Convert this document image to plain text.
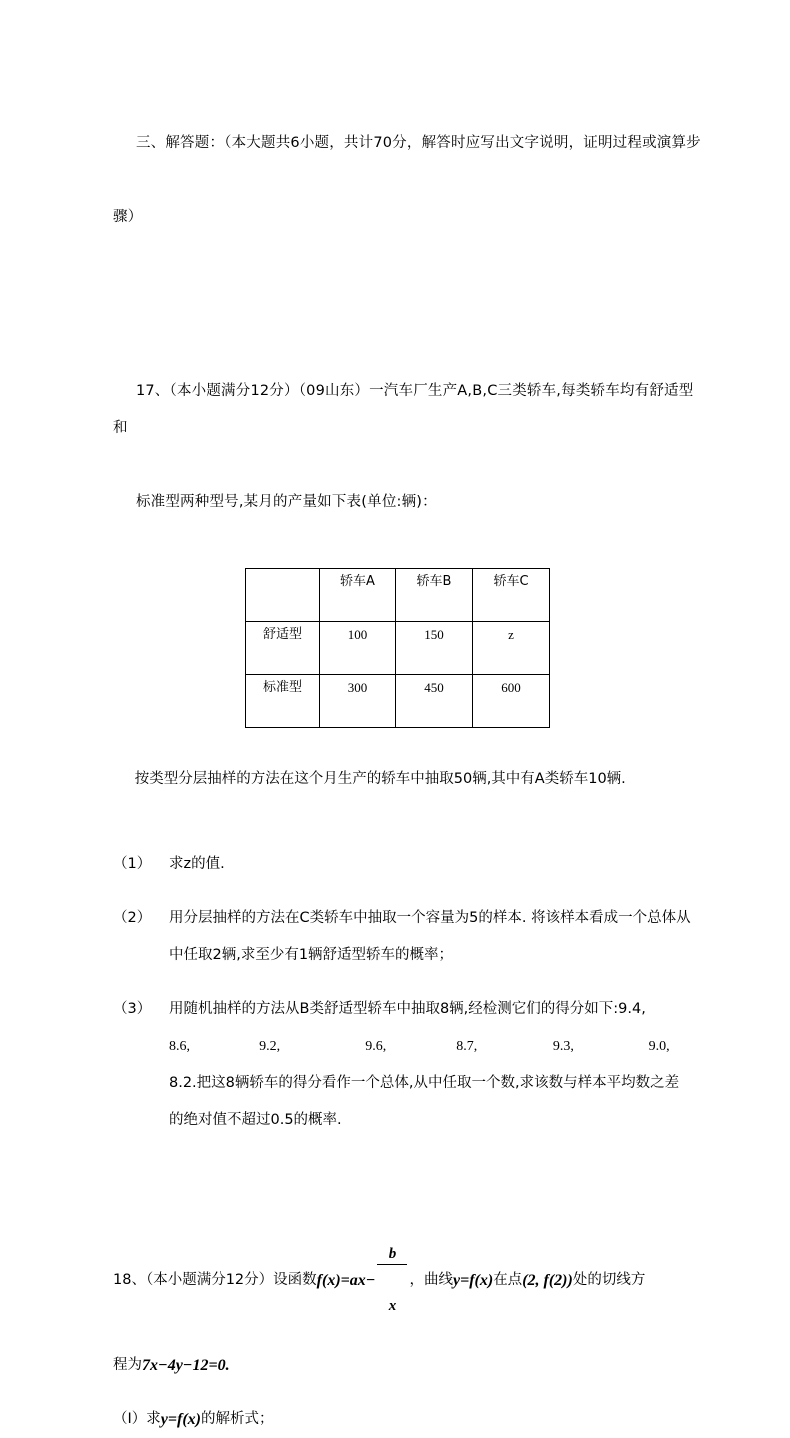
三、解答题：（本大题共6小题，共计70分，解答时应写出文字说明，证明过程或演算步

骤）

17、（本小题满分12分）（09山东）一汽车厂生产A,B,C三类轿车,每类轿车均有舒适型和

标准型两种型号,某月的产量如下表(单位:辆)：

	轿车A	轿车B	轿车C
舒适型	100	150	z
标准型	300	450	600

按类型分层抽样的方法在这个月生产的轿车中抽取50辆,其中有A类轿车10辆.

（1）	求z的值.
（2）	用分层抽样的方法在C类轿车中抽取一个容量为5的样本. 将该样本看成一个总体从
中任取2辆,求至少有1辆舒适型轿车的概率；
（3）	用随机抽样的方法从B类舒适型轿车中抽取8辆,经检测它们的得分如下:9.4,
8.6,	9.2,	9.6,	8.7,	9.3,	9.0,
8.2.把这8辆轿车的得分看作一个总体,从中任取一个数,求该数与样本平均数之差
的绝对值不超过0.5的概率.
18、（本小题满分12分）设函数 f(x) = ax −

$\frac{b}{x}$

，曲线 y = f(x) 在点 (2, f(2)) 处的切线方
程为 7x−4y−12=0.
（Ⅰ）求 y = f(x) 的解析式；
